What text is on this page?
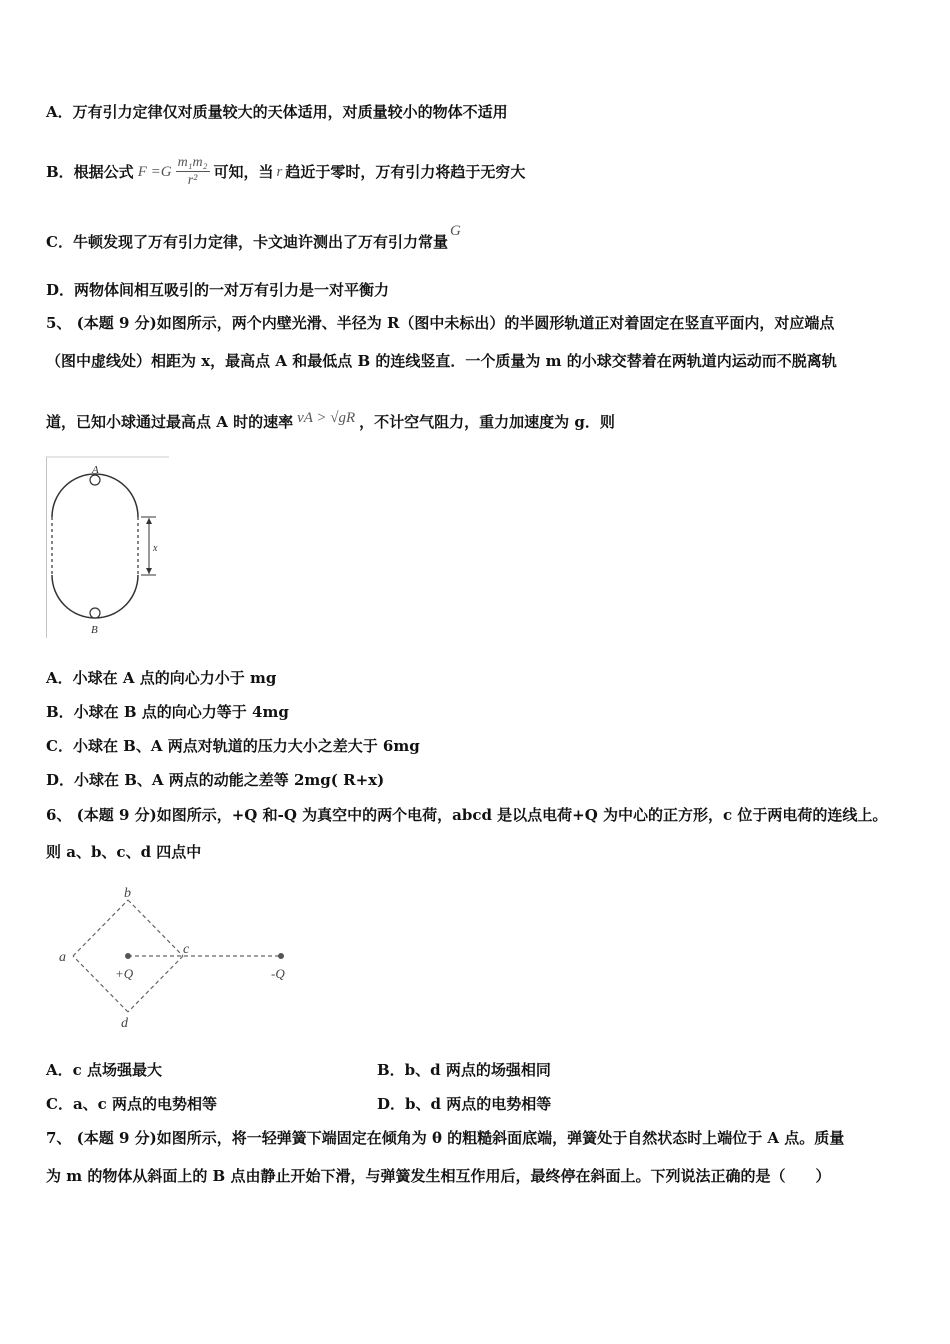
A．万有引力定律仅对质量较大的天体适用，对质量较小的物体不适用
B．根据公式 $F =G \frac{\text{m₁m₂}}{\text{r²}}$ 可知，当 r 趋近于零时，万有引力将趋于无穷大
C．牛顿发现了万有引力定律，卡文迪许测出了万有引力常量G
D．两物体间相互吸引的一对万有引力是一对平衡力
5、 (本题 9 分)如图所示，两个内壁光滑、半径为 R（图中未标出）的半圆形轨道正对着固定在竖直平面内，对应端点
（图中虚线处）相距为 x，最高点 A 和最低点 B 的连线竖直．一个质量为 m 的小球交替着在两轨道内运动而不脱离轨
道，已知小球通过最高点 A 时的速率 vA > √gR ，不计空气阻力，重力加速度为 g．则
A
B
x
A．小球在 A 点的向心力小于 mg
B．小球在 B 点的向心力等于 4mg
C．小球在 B、A 两点对轨道的压力大小之差大于 6mg
D．小球在 B、A 两点的动能之差等 2mg( R+x)
6、 (本题 9 分)如图所示，+Q 和-Q 为真空中的两个电荷，abcd 是以点电荷+Q 为中心的正方形，c 位于两电荷的连线上。
则 a、b、c、d 四点中
b
a
c
d
+Q	-Q
A．c 点场强最大	B．b、d 两点的场强相同
C．a、c 两点的电势相等	D．b、d 两点的电势相等
7、 (本题 9 分)如图所示，将一轻弹簧下端固定在倾角为 θ 的粗糙斜面底端，弹簧处于自然状态时上端位于 A 点。质量
为 m 的物体从斜面上的 B 点由静止开始下滑，与弹簧发生相互作用后，最终停在斜面上。下列说法正确的是（　　）
